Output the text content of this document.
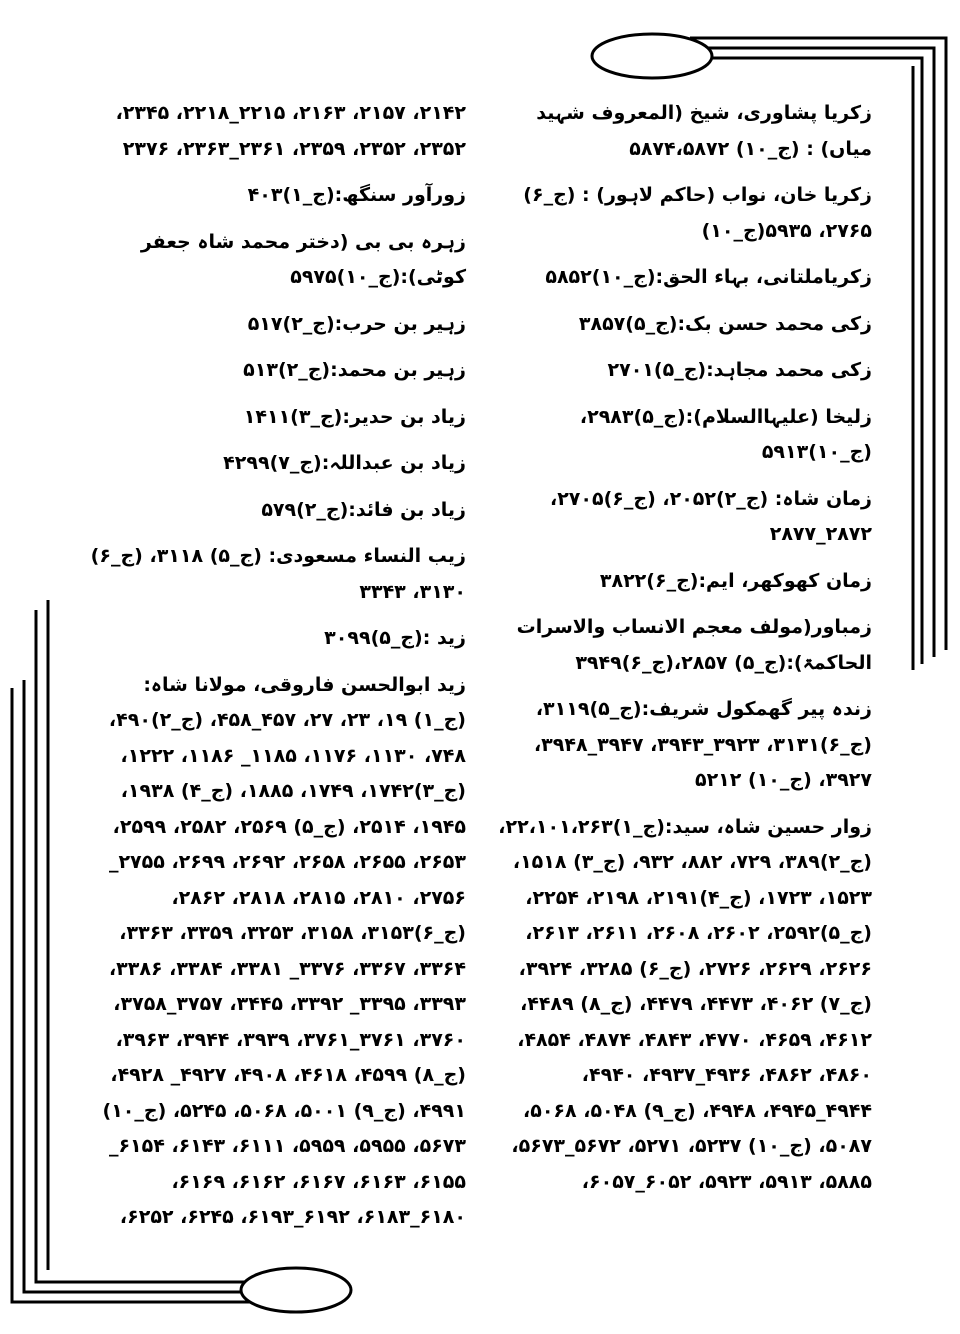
زکریا پشاوری، شیخ (المعروف شہید میاں) : (ج_۱۰) ۵۸۷۴،۵۸۷۲
زکریا خان، نواب (حاکم لاہور) : (ج_۶) ۲۷۶۵، ۵۹۳۵(ج_۱۰)
زکریاملتانی، بہاء الحق:(ج_۱۰)۵۸۵۲
زکی محمد حسن بک:(ج_۵)۳۸۵۷
زکی محمد مجاہد:(ج_۵)۲۷۰۱
زلیخا (علیہاالسلام):(ج_۵)۲۹۸۳،(ج_۱۰)۵۹۱۳
زمان شاہ: (ج_۲)۲۰۵۲، (ج_۶)۲۷۰۵، ۲۸۷۲_۲۸۷۷
زمان کھوکھر، ایم:(ج_۶)۳۸۲۲
زمباور(مولف معجم الانساب والاسرات الحاکمۃ):(ج_۵) ۲۸۵۷،(ج_۶)۳۹۴۹
زندہ پیر گھمکول شریف:(ج_۵)۳۱۱۹،(ج_۶)۳۱۳۱، ۳۹۲۳_۳۹۴۳، ۳۹۴۷_۳۹۴۸، ۳۹۲۷، (ج_۱۰) ۵۲۱۲
زوار حسین شاہ، سید:(ج_۱)۲۲،۱۰۱،۲۶۳،(ج_۲)۳۸۹، ۷۲۹، ۸۸۲، ۹۳۲، (ج_۳) ۱۵۱۸، ۱۵۲۳، ۱۷۲۳، (ج_۴)۲۱۹۱، ۲۱۹۸، ۲۲۵۴، (ج_۵)۲۵۹۲، ۲۶۰۲، ۲۶۰۸، ۲۶۱۱، ۲۶۱۳، ۲۶۲۶، ۲۶۲۹، ۲۷۲۶، (ج_۶) ۳۲۸۵، ۳۹۲۴، (ج_۷) ۴۰۶۲، ۴۴۷۳، ۴۴۷۹، (ج_۸) ۴۴۸۹، ۴۶۱۲، ۴۶۵۹، ۴۷۷۰، ۴۸۴۳، ۴۸۷۴، ۴۸۵۴، ۴۸۶۰، ۴۸۶۲، ۴۹۳۶_۴۹۳۷، ۴۹۴۰، ۴۹۴۴_۴۹۴۵، ۴۹۴۸، (ج_۹) ۵۰۴۸، ۵۰۶۸، ۵۰۸۷، (ج_۱۰) ۵۲۳۷، ۵۲۷۱، ۵۶۷۲_۵۶۷۳، ۵۸۸۵، ۵۹۱۳، ۵۹۲۳، ۶۰۵۲_۶۰۵۷،
۲۱۴۲، ۲۱۵۷، ۲۱۶۳، ۲۲۱۵_۲۲۱۸، ۲۳۴۵، ۲۳۵۲، ۲۳۵۲، ۲۳۵۹، ۲۳۶۱_۲۳۶۳، ۲۳۷۶
زورآور سنگھ:(ج_۱)۴۰۳
زہرہ بی بی (دختر محمد شاہ جعفر کوٹی):(ج_۱۰)۵۹۷۵
زہیر بن حرب:(ج_۲)۵۱۷
زہیر بن محمد:(ج_۲)۵۱۳
زیاد بن حدیر:(ج_۳)۱۴۱۱
زیاد بن عبداللہ:(ج_۷)۴۲۹۹
زیاد بن فائد:(ج_۲)۵۷۹
زیب النساء مسعودی: (ج_۵) ۳۱۱۸، (ج_۶) ۳۱۳۰، ۳۳۴۳
زید :(ج_۵)۳۰۹۹
زید ابوالحسن فاروقی، مولانا شاہ: (ج_۱) ۱۹، ۲۳، ۲۷، ۴۵۷_۴۵۸، (ج_۲)۴۹۰، ۷۴۸، ۱۱۳۰، ۱۱۷۶، ۱۱۸۵_ ۱۱۸۶، ۱۲۲۲، (ج_۳)۱۷۴۲، ۱۷۴۹، ۱۸۸۵، (ج_۴) ۱۹۳۸، ۱۹۴۵، ۲۵۱۴، (ج_۵) ۲۵۶۹، ۲۵۸۲، ۲۵۹۹، ۲۶۵۳، ۲۶۵۵، ۲۶۵۸، ۲۶۹۲، ۲۶۹۹، ۲۷۵۵_ ۲۷۵۶، ۲۸۱۰، ۲۸۱۵، ۲۸۱۸، ۲۸۶۲، (ج_۶)۳۱۵۳، ۳۱۵۸، ۳۲۵۳، ۳۳۵۹، ۳۳۶۳، ۳۳۶۴، ۳۳۶۷، ۳۳۷۶_ ۳۳۸۱، ۳۳۸۴، ۳۳۸۶، ۳۳۹۳، ۳۳۹۵_ ۳۳۹۲، ۳۴۴۵، ۳۷۵۷_۳۷۵۸، ۳۷۶۰، ۳۷۶۱_۳۷۶۱، ۳۹۳۹، ۳۹۴۴، ۳۹۶۳، (ج_۸) ۴۵۹۹، ۴۶۱۸، ۴۹۰۸، ۴۹۲۷_ ۴۹۲۸، ۴۹۹۱، (ج_۹) ۵۰۰۱، ۵۰۶۸، ۵۲۴۵، (ج_۱۰) ۵۶۷۳، ۵۹۵۵، ۵۹۵۹، ۶۱۱۱، ۶۱۴۳، ۶۱۵۴_ ۶۱۵۵، ۶۱۶۳، ۶۱۶۷، ۶۱۶۲، ۶۱۶۹، ۶۱۸۰_۶۱۸۳، ۶۱۹۲_۶۱۹۳، ۶۲۴۵، ۶۲۵۲،
